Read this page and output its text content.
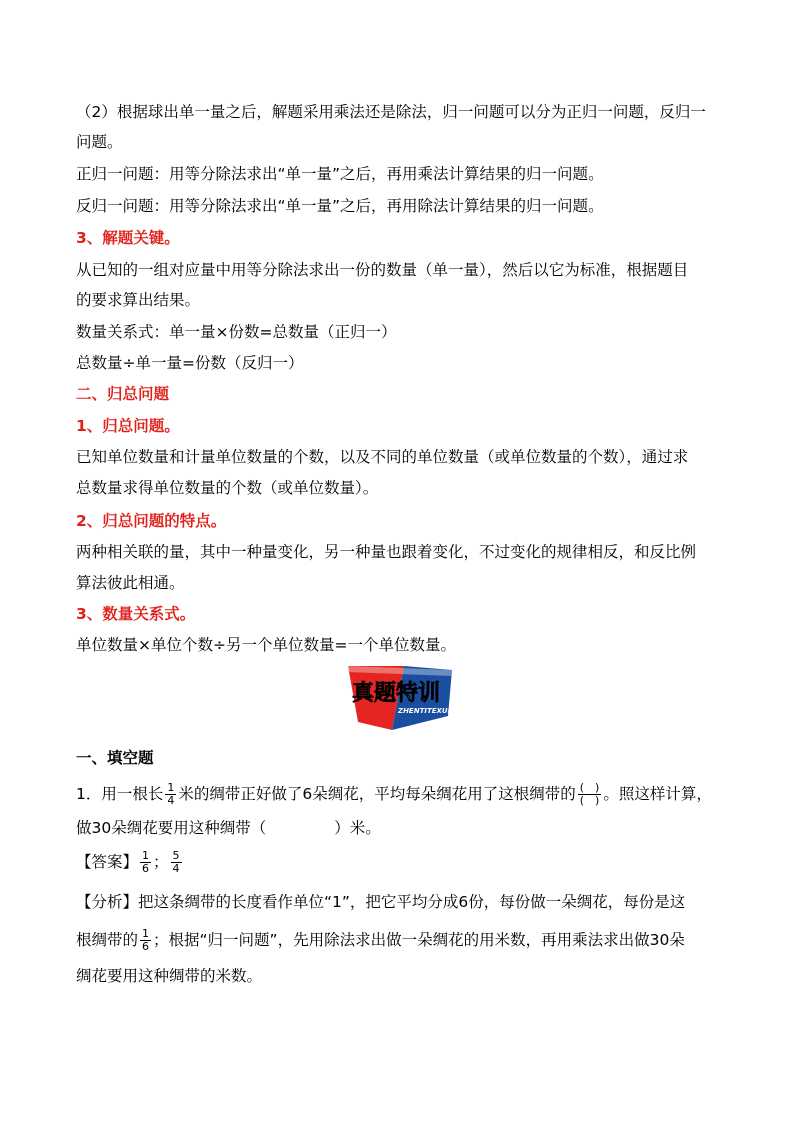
（2）根据球出单一量之后，解题采用乘法还是除法，归一问题可以分为正归一问题，反归一
问题。
正归一问题：用等分除法求出“单一量”之后，再用乘法计算结果的归一问题。
反归一问题：用等分除法求出“单一量”之后，再用除法计算结果的归一问题。
3、解题关键。
从已知的一组对应量中用等分除法求出一份的数量（单一量），然后以它为标准，根据题目
的要求算出结果。
数量关系式：单一量×份数=总数量（正归一）
总数量÷单一量=份数（反归一）
二、归总问题
1、归总问题。
已知单位数量和计量单位数量的个数，以及不同的单位数量（或单位数量的个数），通过求
总数量求得单位数量的个数（或单位数量）。
2、归总问题的特点。
两种相关联的量，其中一种量变化，另一种量也跟着变化，不过变化的规律相反，和反比例
算法彼此相通。
3、数量关系式。
单位数量×单位个数÷另一个单位数量=一个单位数量。
真题特训
ZHENTITEXUN
一、填空题
1．用一根长 $\frac{1}{4}$ 米的绸带正好做了6朵绸花，平均每朵绸花用了这根绸带的 $\frac{( )}{( )}$ 。照这样计算，
做30朵绸花要用这种绸带（	）米。
【答案】 $\frac{1}{6}$ ； $\frac{5}{4}$
【分析】把这条绸带的长度看作单位“1”，把它平均分成6份，每份做一朵绸花，每份是这
根绸带的 $\frac{1}{6}$ ；根据“归一问题”，先用除法求出做一朵绸花的用米数，再用乘法求出做30朵
绸花要用这种绸带的米数。
